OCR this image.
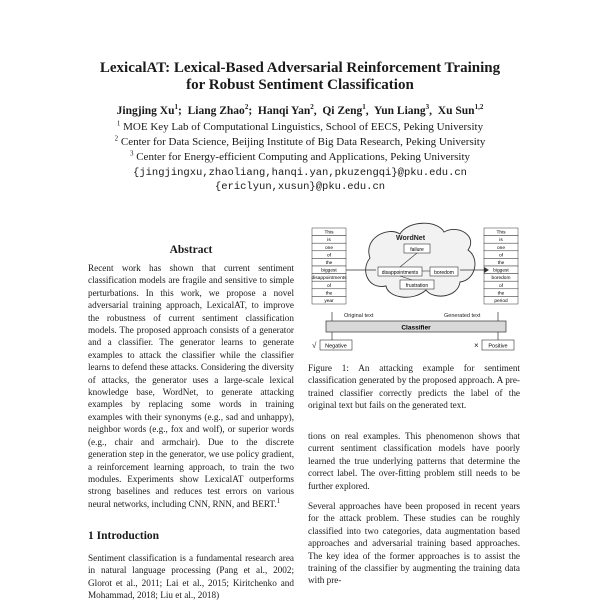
LexicalAT: Lexical-Based Adversarial Reinforcement Training
for Robust Sentiment Classification
Jingjing Xu$^1$;  Liang Zhao$^2$;  Hanqi Yan$^2$,  Qi Zeng$^1$,  Yun Liang$^3$,  Xu Sun$^{1,2}$
$^1$ MOE Key Lab of Computational Linguistics, School of EECS, Peking University
$^2$ Center for Data Science, Beijing Institute of Big Data Research, Peking University
$^3$ Center for Energy-efficient Computing and Applications, Peking University
{jingjingxu,zhaoliang,hanqi.yan,pkuzengqi}@pku.edu.cn
{ericlyun,xusun}@pku.edu.cn
Abstract
Recent work has shown that current sentiment classification models are fragile and sensitive to simple perturbations. In this work, we propose a novel adversarial training approach, LexicalAT, to improve the robustness of current sentiment classification models. The proposed approach consists of a generator and a classifier. The generator learns to generate examples to attack the classifier while the classifier learns to defend these attacks. Considering the diversity of attacks, the generator uses a large-scale lexical knowledge base, WordNet, to generate attacking examples by replacing some words in training examples with their synonyms (e.g., sad and unhappy), neighbor words (e.g., fox and wolf), or superior words (e.g., chair and armchair). Due to the discrete generation step in the generator, we use policy gradient, a reinforcement learning approach, to train the two modules. Experiments show LexicalAT outperforms strong baselines and reduces test errors on various neural networks, including CNN, RNN, and BERT.$^1$
1 Introduction
Sentiment classification is a fundamental research area in natural language processing (Pang et al., 2002; Glorot et al., 2011; Lai et al., 2015; Kiritchenko and Mohammad, 2018; Liu et al., 2018)
This
is
one
of
the
biggest
disappointments
of
the
year
This
is
one
of
the
biggest
boredom
of
the
period
WordNet
failure
disappointments	boredom
frustration
Original text	Generated text
Classifier
√ Negative	× Positive
Figure 1: An attacking example for sentiment classification generated by the proposed approach. A pre-trained classifier correctly predicts the label of the original text but fails on the generated text.
tions on real examples. This phenomenon shows that current sentiment classification models have poorly learned the true underlying patterns that determine the correct label. The over-fitting problem still needs to be further explored.
Several approaches have been proposed in recent years for the attack problem. These studies can be roughly classified into two categories, data augmentation based approaches and adversarial training based approaches. The key idea of the former approaches is to assist the training of the classifier by augmenting the training data with pre-
